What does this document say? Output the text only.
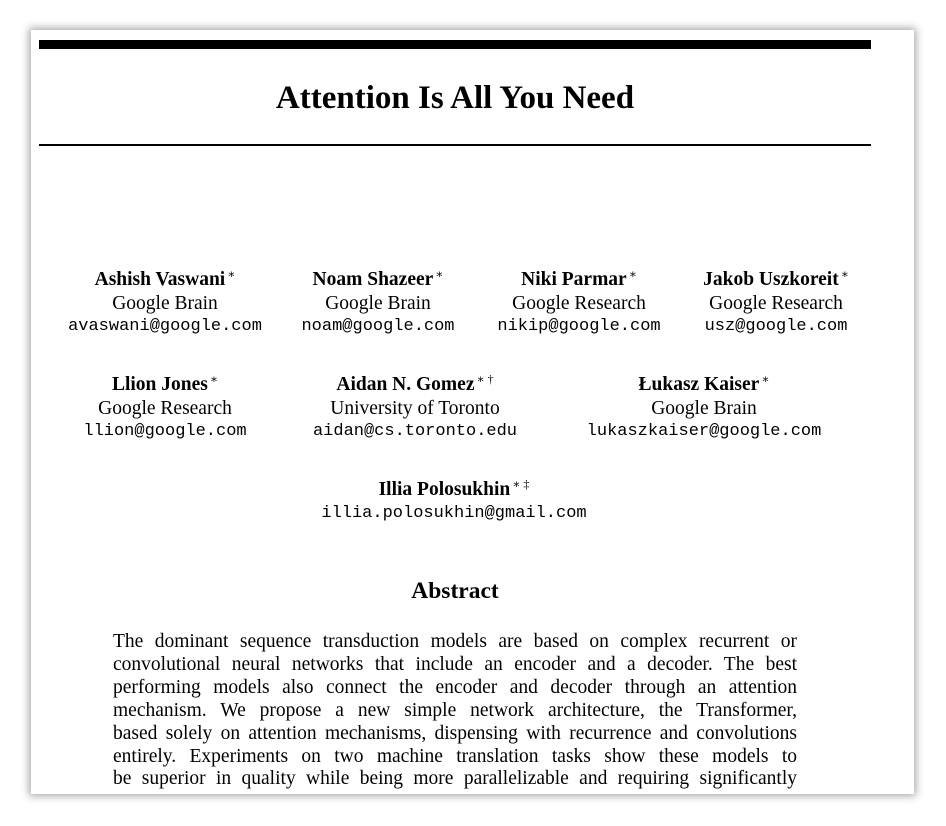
Attention Is All You Need
Ashish Vaswani ∗
Google Brain
avaswani@google.com
Noam Shazeer ∗
Google Brain
noam@google.com
Niki Parmar ∗
Google Research
nikip@google.com
Jakob Uszkoreit ∗
Google Research
usz@google.com
Llion Jones ∗
Google Research
llion@google.com
Aidan N. Gomez ∗ †
University of Toronto
aidan@cs.toronto.edu
Łukasz Kaiser ∗
Google Brain
lukaszkaiser@google.com
Illia Polosukhin ∗ ‡
illia.polosukhin@gmail.com
Abstract
The dominant sequence transduction models are based on complex recurrent or
convolutional neural networks that include an encoder and a decoder. The best
performing models also connect the encoder and decoder through an attention
mechanism. We propose a new simple network architecture, the Transformer,
based solely on attention mechanisms, dispensing with recurrence and convolutions
entirely. Experiments on two machine translation tasks show these models to
be superior in quality while being more parallelizable and requiring significantly
